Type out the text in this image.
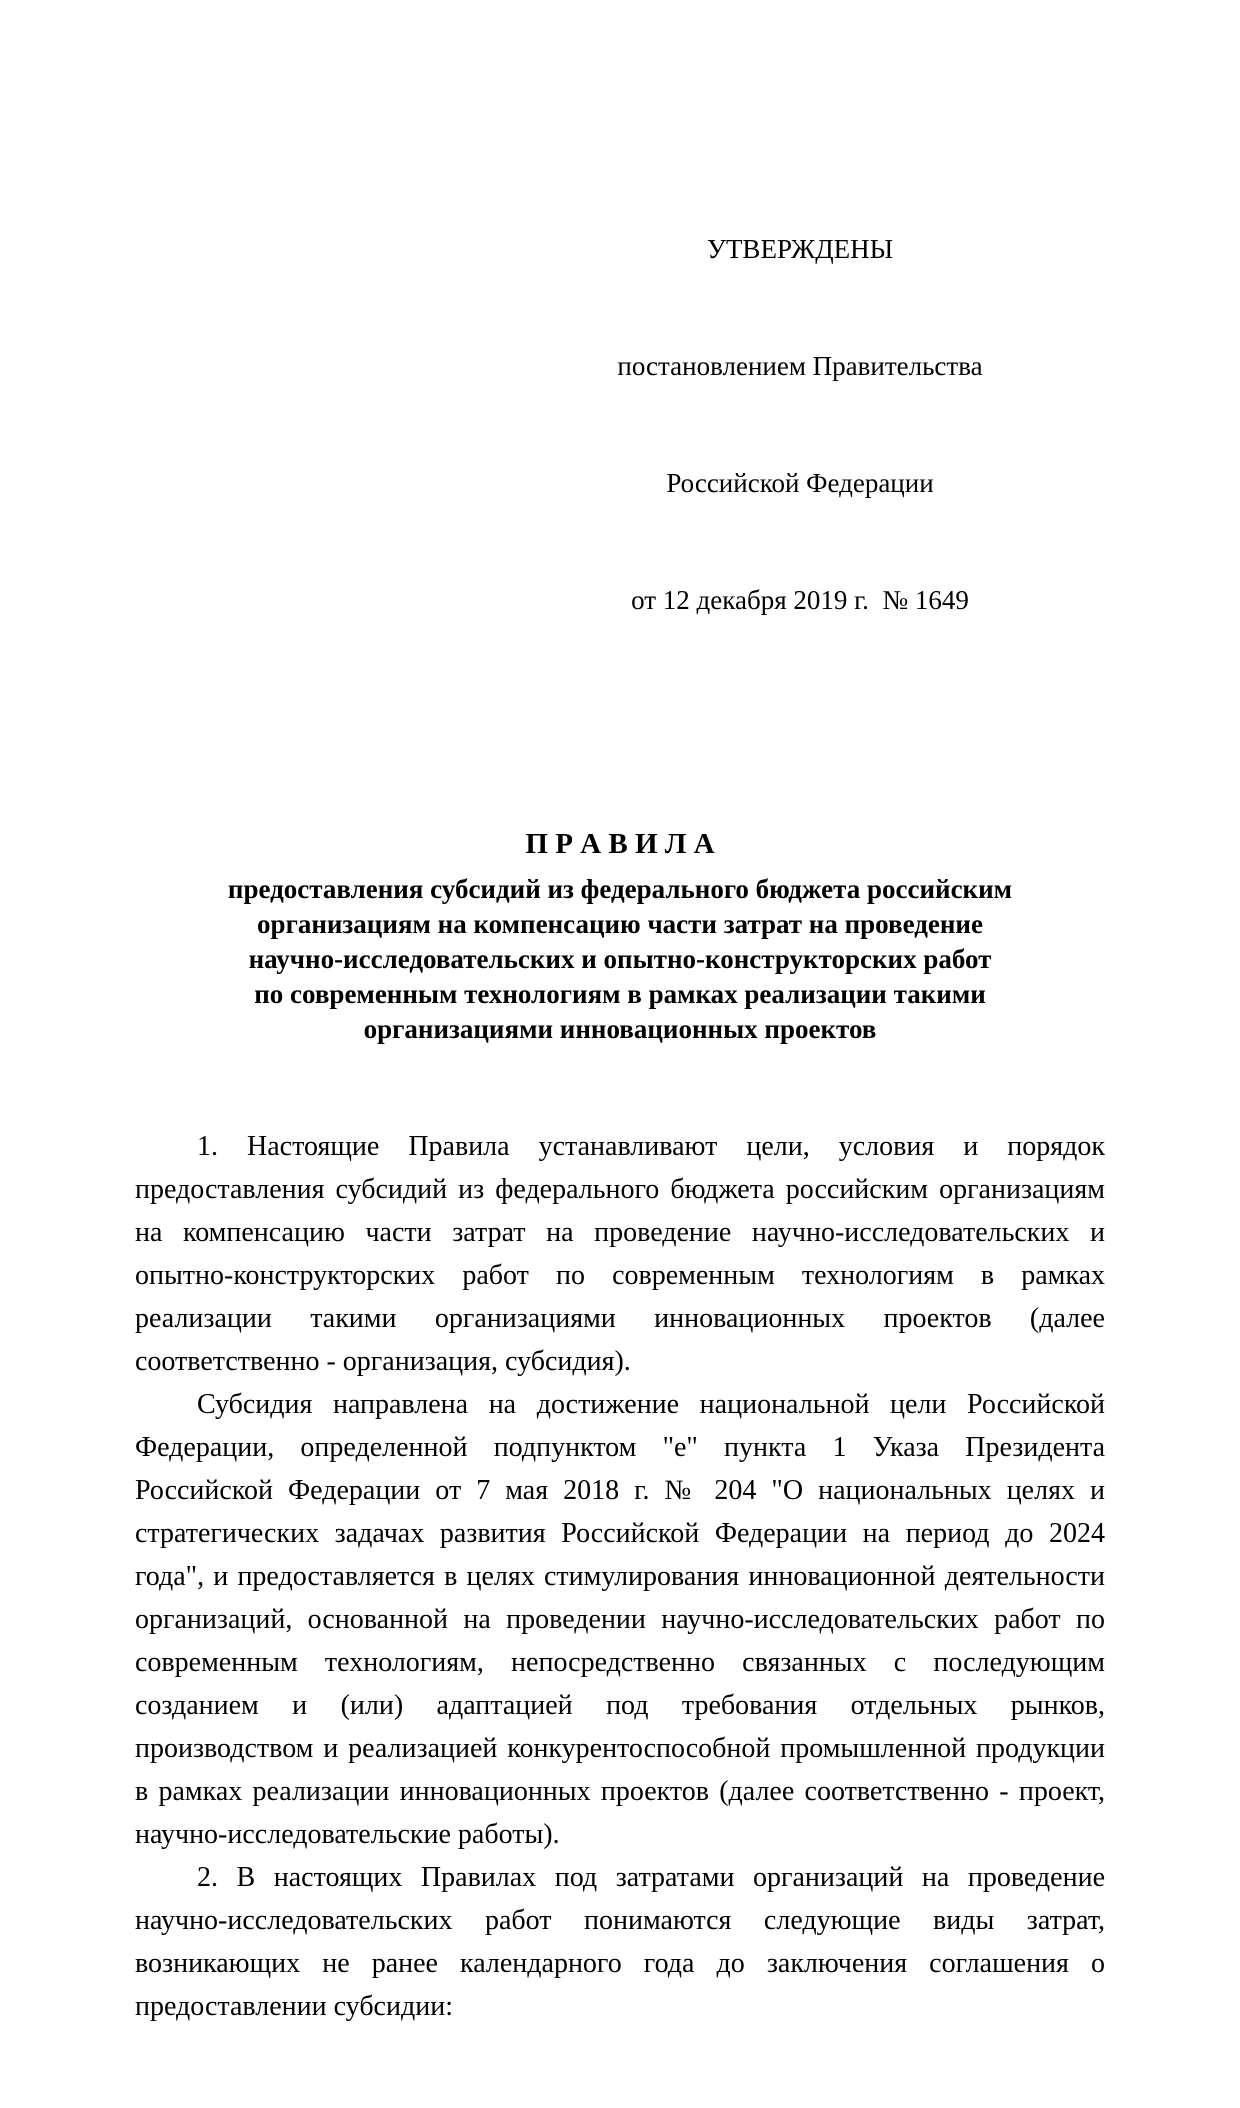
УТВЕРЖДЕНЫ

постановлением Правительства

Российской Федерации

от 12 декабря 2019 г.  № 1649

П Р А В И Л А
предоставления субсидий из федерального бюджета российским
организациям на компенсацию части затрат на проведение
научно-исследовательских и опытно-конструкторских работ
по современным технологиям в рамках реализации такими
организациями инновационных проектов

1. Настоящие Правила устанавливают цели, условия и порядок предоставления субсидий из федерального бюджета российским организациям на компенсацию части затрат на проведение научно-исследовательских и опытно-конструкторских работ по современным технологиям в рамках реализации такими организациями инновационных проектов (далее соответственно - организация, субсидия).

Субсидия направлена на достижение национальной цели Российской Федерации, определенной подпунктом "е" пункта 1 Указа Президента Российской Федерации от 7 мая 2018 г. № 204 "О национальных целях и стратегических задачах развития Российской Федерации на период до 2024 года", и предоставляется в целях стимулирования инновационной деятельности организаций, основанной на проведении научно-исследовательских работ по современным технологиям, непосредственно связанных с последующим созданием и (или) адаптацией под требования отдельных рынков, производством и реализацией конкурентоспособной промышленной продукции в рамках реализации инновационных проектов (далее соответственно - проект, научно-исследовательские работы).

2. В настоящих Правилах под затратами организаций на проведение научно-исследовательских работ понимаются следующие виды затрат, возникающих не ранее календарного года до заключения соглашения о предоставлении субсидии:
